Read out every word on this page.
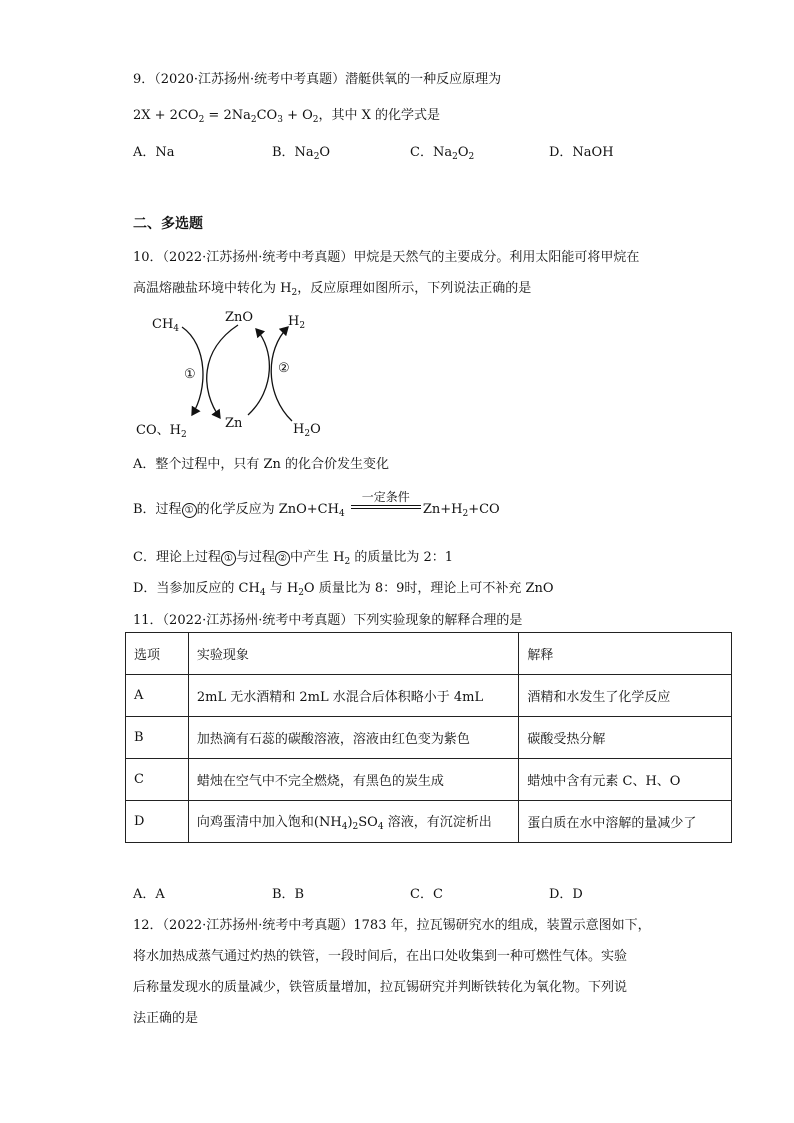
9．（2020·江苏扬州·统考中考真题）潜艇供氧的一种反应原理为
$2X + 2CO_2 = 2Na_2CO_3 + O_2$，其中 X 的化学式是
A．Na	B．$Na_2O$	C．$Na_2O_2$	D．NaOH
二、多选题
10．（2022·江苏扬州·统考中考真题）甲烷是天然气的主要成分。利用太阳能可将甲烷在
高温熔融盐环境中转化为 $H_2$，反应原理如图所示，下列说法正确的是
$CH_4$
ZnO	$H_2$
①	②
CO、$H_2$
Zn	$H_2O$
A．整个过程中，只有 Zn 的化合价发生变化
B．过程 ① 的化学反应为 $ZnO+CH_4$
一定条件
$Zn+H_2+CO$
C．理论上过程 ① 与过程 ② 中产生 $H_2$ 的质量比为 2：1
D．当参加反应的 $CH_4$ 与 $H_2O$ 质量比为 8：9时，理论上可不补充 ZnO
11．（2022·江苏扬州·统考中考真题）下列实验现象的解释合理的是
选项	实验现象	解释
A	2mL 无水酒精和 2mL 水混合后体积略小于 4mL	酒精和水发生了化学反应
B	加热滴有石蕊的碳酸溶液，溶液由红色变为紫色	碳酸受热分解
C	蜡烛在空气中不完全燃烧，有黑色的炭生成	蜡烛中含有元素 C、H、O
D	向鸡蛋清中加入饱和$(NH_4)_2SO_4$ 溶液，有沉淀析出	蛋白质在水中溶解的量减少了
A．A	B．B	C．C	D．D
12．（2022·江苏扬州·统考中考真题）1783 年，拉瓦锡研究水的组成，装置示意图如下，
将水加热成蒸气通过灼热的铁管，一段时间后，在出口处收集到一种可燃性气体。实验
后称量发现水的质量减少，铁管质量增加，拉瓦锡研究并判断铁转化为氧化物。下列说
法正确的是
